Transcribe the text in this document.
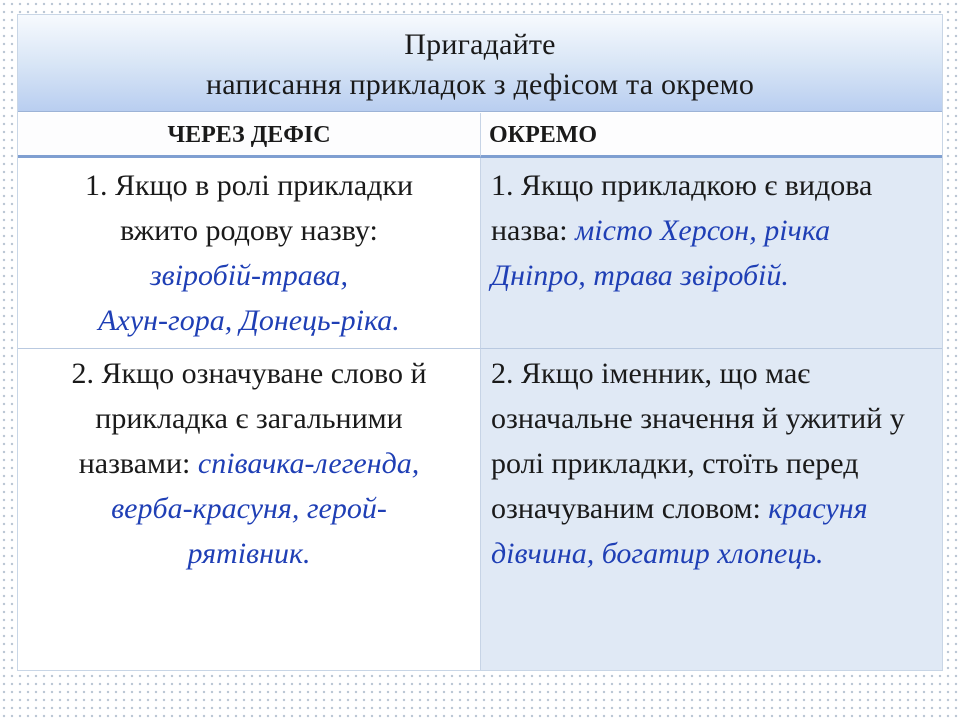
Пригадайте
написання прикладок з дефісом та окремо
ЧЕРЕЗ ДЕФІС	ОКРЕМО
1. Якщо в ролі прикладки
вжито родову назву:
звіробій-трава,
Ахун-гора, Донець-ріка.
1. Якщо прикладкою є видова назва: місто Херсон, річка Дніпро, трава звіробій.
2. Якщо означуване слово й
прикладка є загальними
назвами: співачка-легенда,
верба-красуня, герой-
рятівник.
2. Якщо іменник, що має означальне значення й ужитий у ролі прикладки, стоїть перед означуваним словом: красуня дівчина, богатир хлопець.
